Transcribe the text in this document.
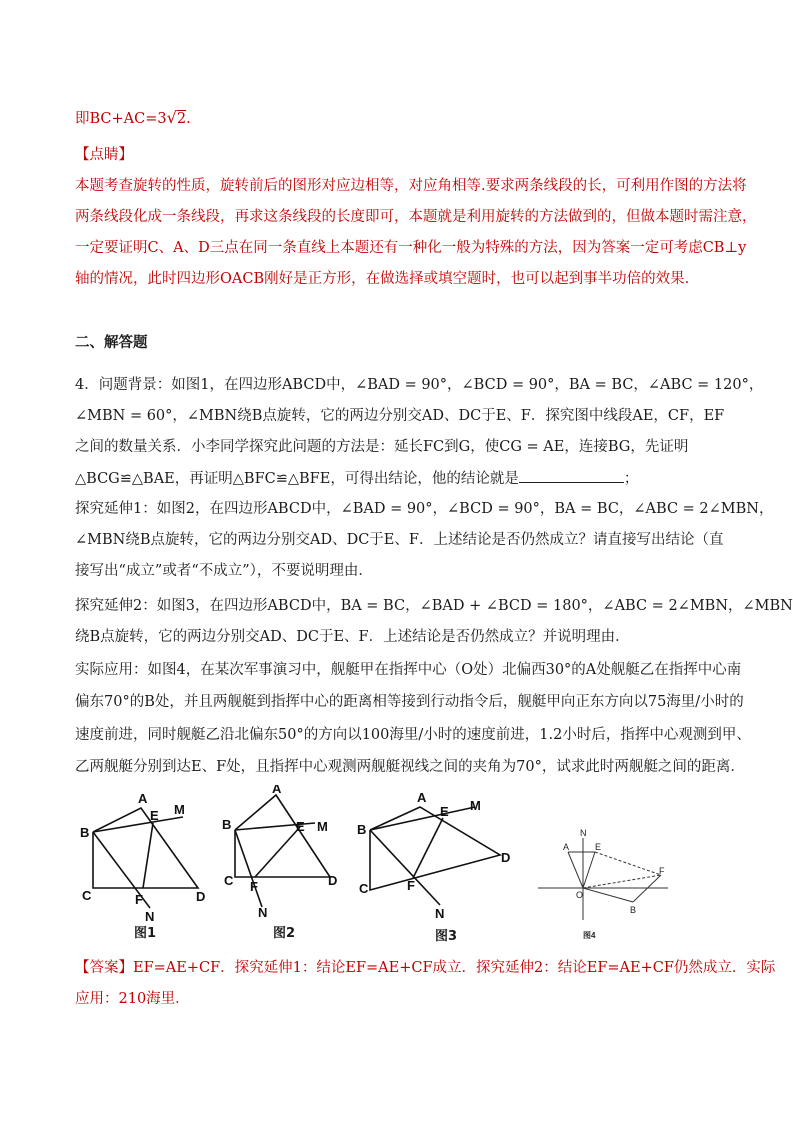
即BC+AC=3√2.
【点睛】
本题考查旋转的性质，旋转前后的图形对应边相等，对应角相等.要求两条线段的长，可利用作图的方法将
两条线段化成一条线段，再求这条线段的长度即可，本题就是利用旋转的方法做到的，但做本题时需注意，
一定要证明C、A、D三点在同一条直线上本题还有一种化一般为特殊的方法，因为答案一定可考虑CB⊥y
轴的情况，此时四边形OACB刚好是正方形，在做选择或填空题时，也可以起到事半功倍的效果.
二、解答题
4．问题背景：如图1，在四边形ABCD中，∠BAD = 90°，∠BCD = 90°，BA = BC，∠ABC = 120°，
∠MBN = 60°，∠MBN绕B点旋转，它的两边分别交AD、DC于E、F．探究图中线段AE，CF，EF
之间的数量关系．小李同学探究此问题的方法是：延长FC到G，使CG = AE，连接BG，先证明
△BCG≌△BAE，再证明△BFC≌△BFE，可得出结论，他的结论就是	；
探究延伸1：如图2，在四边形ABCD中，∠BAD = 90°，∠BCD = 90°，BA = BC，∠ABC = 2∠MBN，
∠MBN绕B点旋转，它的两边分别交AD、DC于E、F．上述结论是否仍然成立？请直接写出结论（直
接写出“成立”或者“不成立”），不要说明理由．
探究延伸2：如图3，在四边形ABCD中，BA = BC，∠BAD + ∠BCD = 180°，∠ABC = 2∠MBN，∠MBN
绕B点旋转，它的两边分别交AD、DC于E、F．上述结论是否仍然成立？并说明理由．
实际应用：如图4，在某次军事演习中，舰艇甲在指挥中心（O处）北偏西30°的A处舰艇乙在指挥中心南
偏东70°的B处，并且两舰艇到指挥中心的距离相等接到行动指令后，舰艇甲向正东方向以75海里/小时的
速度前进，同时舰艇乙沿北偏东50°的方向以100海里/小时的速度前进，1.2小时后，指挥中心观测到甲、
乙两舰艇分别到达E、F处，且指挥中心观测两舰艇视线之间的夹角为70°，试求此时两舰艇之间的距离．
A
B
E M
C	F
N
D
图1
A
B	E M
C F
N
D
图2
A
B
E M
C	F
N
D
图3
N
A	E
O
B
F
图4
【答案】EF=AE+CF．探究延伸1：结论EF=AE+CF成立．探究延伸2：结论EF=AE+CF仍然成立．实际
应用：210海里．
